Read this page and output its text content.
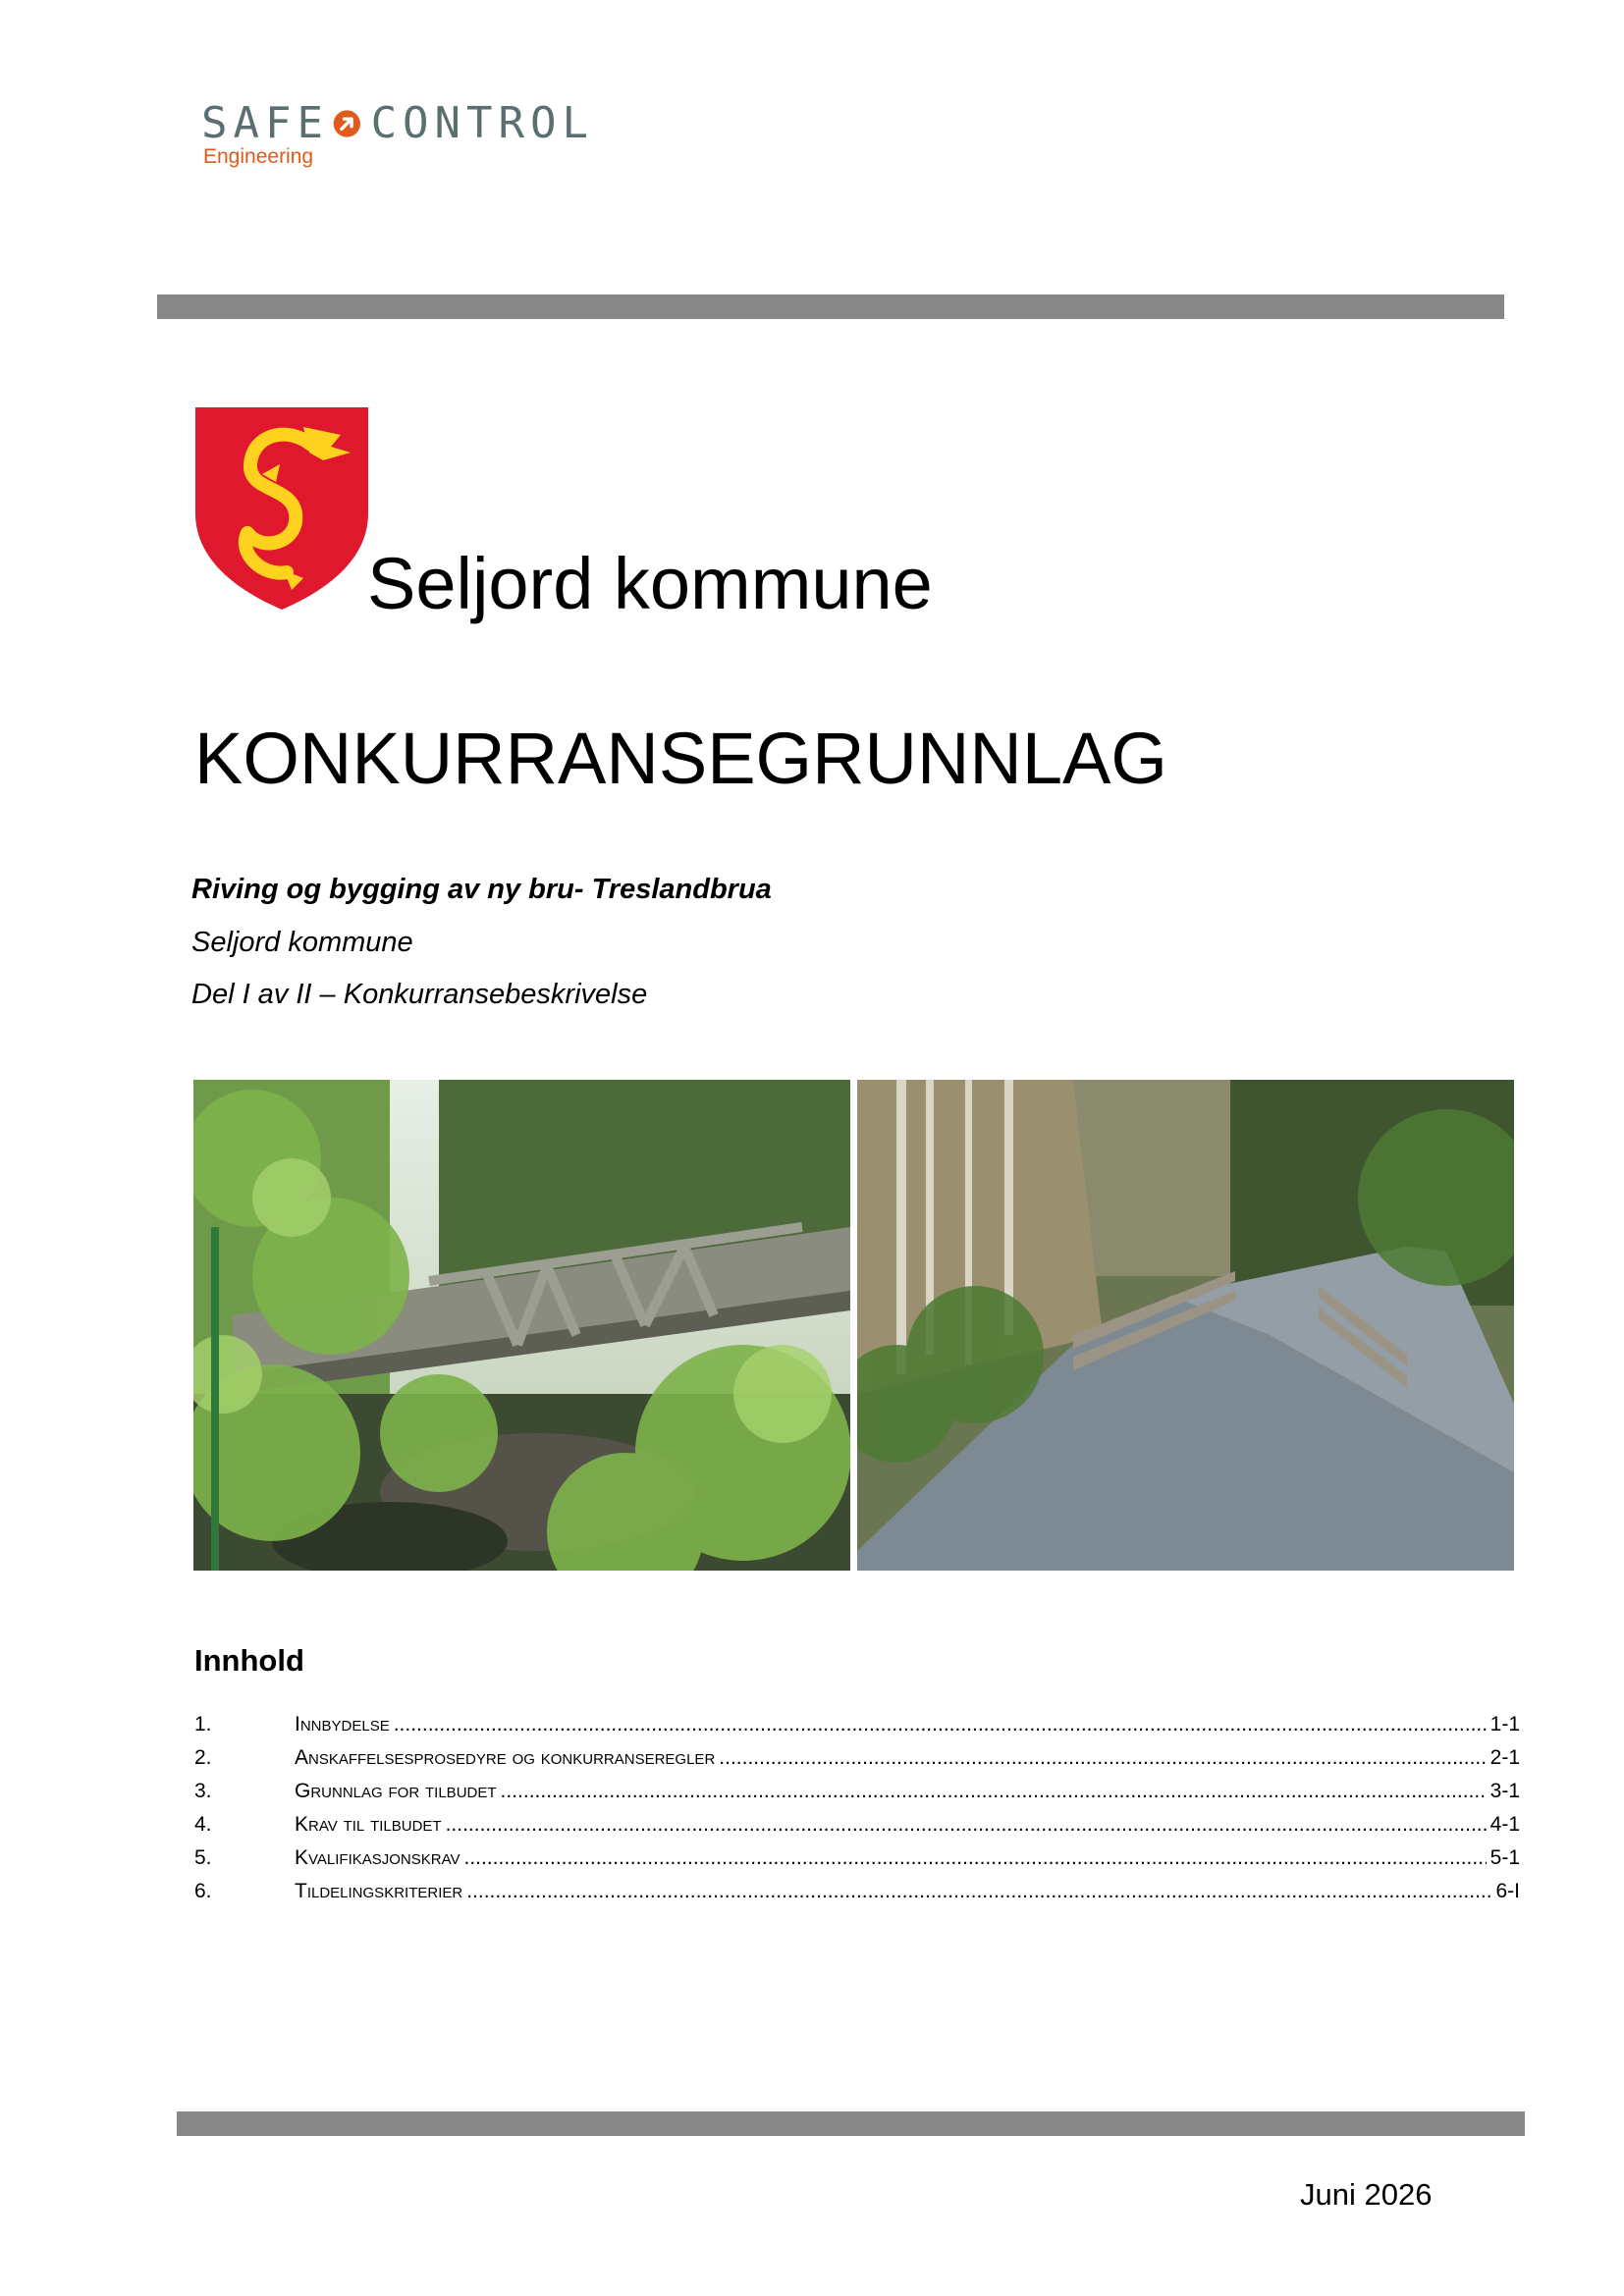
SAFE CONTROL
Engineering
Seljord kommune
KONKURRANSEGRUNNLAG
Riving og bygging av ny bru- Treslandbrua
Seljord kommune
Del I av II – Konkurransebeskrivelse
Innhold
1.	Innbydelse .....	1-1
2.	Anskaffelsesprosedyre og konkurranseregler .....	2-1
3.	Grunnlag for tilbudet .....	3-1
4.	Krav til tilbudet .....	4-1
5.	Kvalifikasjonskrav .....	5-1
6.	Tildelingskriterier .....	6-I
Juni 2026
